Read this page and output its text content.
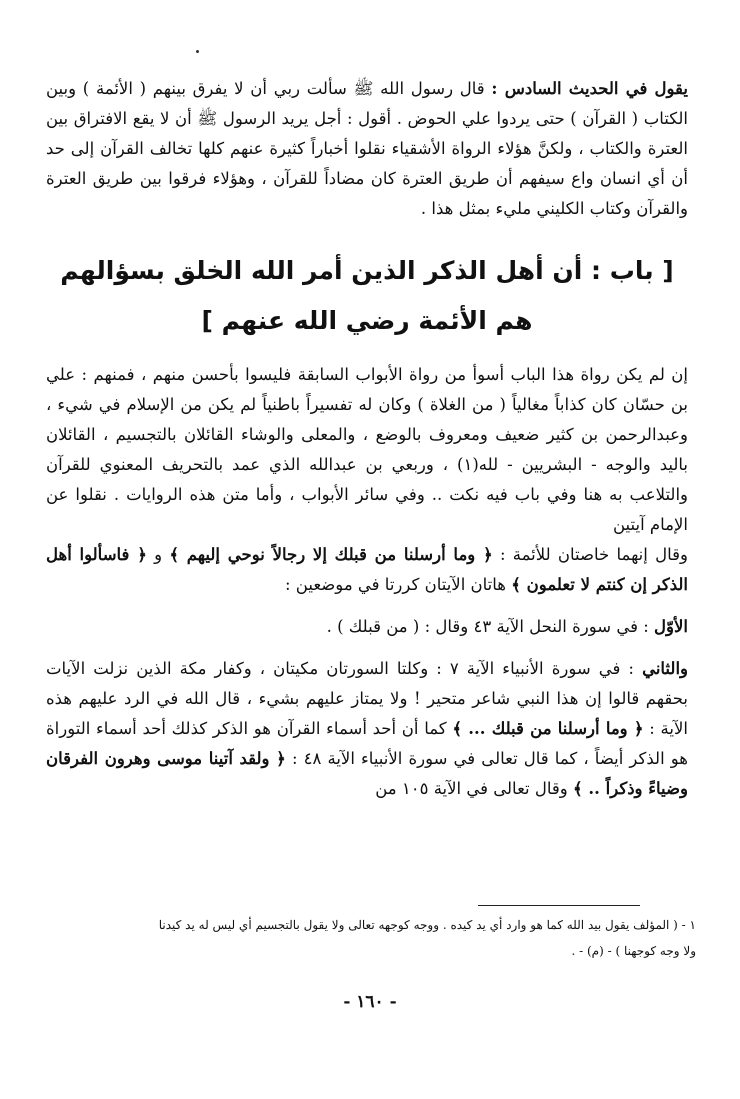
يقول في الحديث السادس : قال رسول الله ﷺ سألت ربي أن لا يفرق بينهم ( الأئمة ) وبين الكتاب ( القرآن ) حتى يردوا علي الحوض . أقول : أجل يريد الرسول ﷺ أن لا يقع الافتراق بين العترة والكتاب ، ولكنَّ هؤلاء الرواة الأشقياء نقلوا أخباراً كثيرة عنهم كلها تخالف القرآن إلى حد أن أي انسان واع سيفهم أن طريق العترة كان مضاداً للقرآن ، وهؤلاء فرقوا بين طريق العترة والقرآن وكتاب الكليني مليء بمثل هذا .

[ باب : أن أهل الذكر الذين أمر الله الخلق بسؤالهم
هم الأئمة رضي الله عنهم ]

إن لم يكن رواة هذا الباب أسوأ من رواة الأبواب السابقة فليسوا بأحسن منهم ، فمنهم : علي بن حسّان كان كذاباً مغالياً ( من الغلاة ) وكان له تفسيراً باطنياً لم يكن من الإسلام في شيء ، وعبدالرحمن بن كثير ضعيف ومعروف بالوضع ، والمعلى والوشاء القائلان بالتجسيم ، القائلان باليد والوجه - البشريين - لله(١) ، وربعي بن عبدالله الذي عمد بالتحريف المعنوي للقرآن والتلاعب به هنا وفي باب فيه نكت .. وفي سائر الأبواب ، وأما متن هذه الروايات . نقلوا عن الإمام آيتين

وقال إنهما خاصتان للأئمة : ﴿ وما أرسلنا من قبلك إلا رجالاً نوحي إليهم ﴾ و ﴿ فاسألوا أهل الذكر إن كنتم لا تعلمون ﴾ هاتان الآيتان كررتا في موضعين :

الأوّل : في سورة النحل الآية ٤٣ وقال : ( من قبلك ) .

والثاني : في سورة الأنبياء الآية ٧ : وكلتا السورتان مكيتان ، وكفار مكة الذين نزلت الآيات بحقهم قالوا إن هذا النبي شاعر متحير ! ولا يمتاز عليهم بشيء ، قال الله في الرد عليهم هذه الآية : ﴿ وما أرسلنا من قبلك ... ﴾ كما أن أحد أسماء القرآن هو الذكر كذلك أحد أسماء التوراة هو الذكر أيضاً ، كما قال تعالى في سورة الأنبياء الآية ٤٨ : ﴿ ولقد آتينا موسى وهرون الفرقان وضياءً وذكراً .. ﴾ وقال تعالى في الآية ١٠٥ من

١ - ( المؤلف يقول بيد الله كما هو وارد أي يد كيده . ووجه كوجهه تعالى ولا يقول بالتجسيم أي ليس له يد كيدنا
ولا وجه كوجهنا ) - (م) - .
- ١٦٠ -
